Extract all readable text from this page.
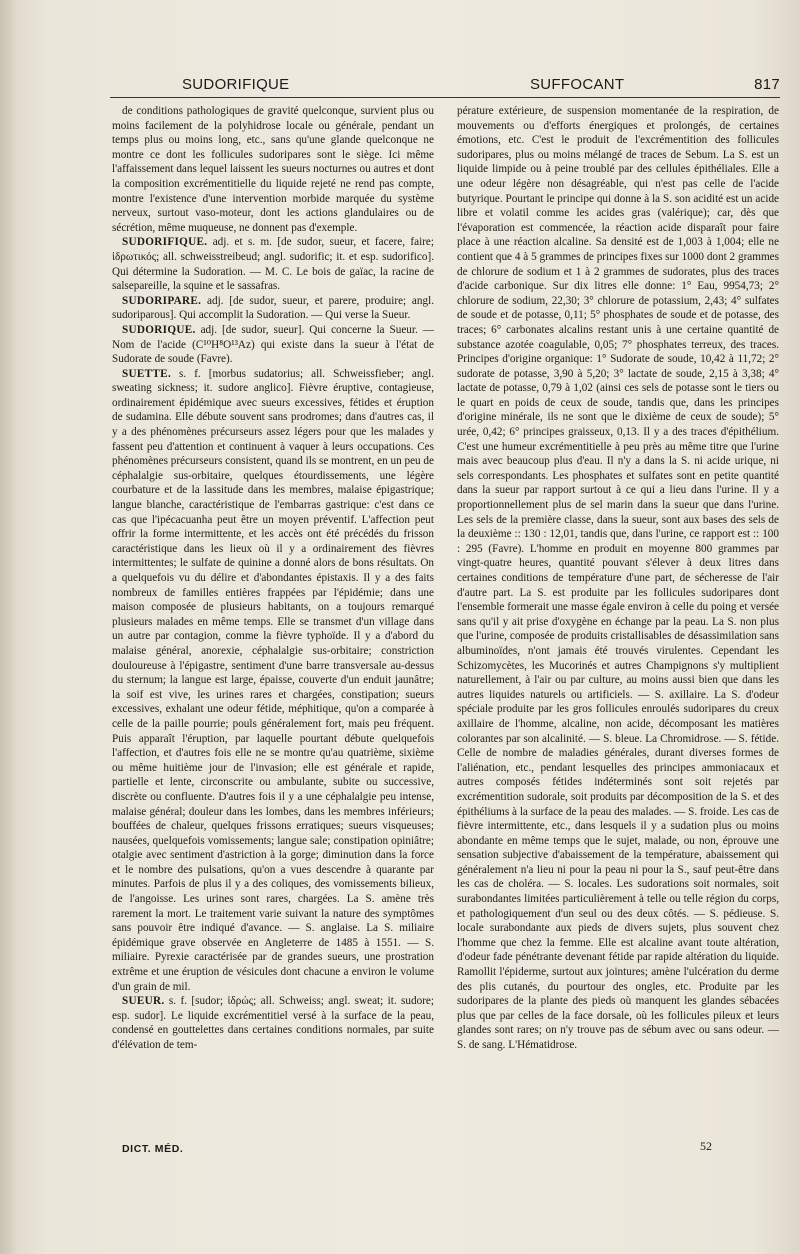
SUDORIFIQUE	SUFFOCANT	817

de conditions pathologiques de gravité quelconque, survient plus ou moins facilement de la polyhidrose locale ou générale, pendant un temps plus ou moins long, etc., sans qu'une glande quelconque ne montre ce dont les follicules sudoripares sont le siège. Ici même l'affaissement dans lequel laissent les sueurs nocturnes ou autres et dont la composition excrémentitielle du liquide rejeté ne rend pas compte, montre l'existence d'une intervention morbide marquée du système nerveux, surtout vaso-moteur, dont les actions glandulaires ou de sécrétion, même muqueuse, ne donnent pas d'exemple.

SUDORIFIQUE. adj. et s. m. [de sudor, sueur, et facere, faire; ἱδρωτικός; all. schweisstreibeud; angl. sudorific; it. et esp. sudorifico]. Qui détermine la Sudoration. — M. C. Le bois de gaïac, la racine de salsepareille, la squine et le sassafras.

SUDORIPARE. adj. [de sudor, sueur, et parere, produire; angl. sudoriparous]. Qui accomplit la Sudoration. — Qui verse la Sueur.

SUDORIQUE. adj. [de sudor, sueur]. Qui concerne la Sueur. — Nom de l'acide (C¹⁰H⁸O¹³Az) qui existe dans la sueur à l'état de Sudorate de soude (Favre).

SUETTE. s. f. [morbus sudatorius; all. Schweissfieber; angl. sweating sickness; it. sudore anglico]. Fièvre éruptive, contagieuse, ordinairement épidémique avec sueurs excessives, fétides et éruption de sudamina. Elle débute souvent sans prodromes; dans d'autres cas, il y a des phénomènes précurseurs assez légers pour que les malades y fassent peu d'attention et continuent à vaquer à leurs occupations. Ces phénomènes précurseurs consistent, quand ils se montrent, en un peu de céphalalgie sus-orbitaire, quelques étourdissements, une légère courbature et de la lassitude dans les membres, malaise épigastrique; langue blanche, caractéristique de l'embarras gastrique: c'est dans ce cas que l'ipécacuanha peut être un moyen préventif. L'affection peut offrir la forme intermittente, et les accès ont été précédés du frisson caractéristique dans les lieux où il y a ordinairement des fièvres intermittentes; le sulfate de quinine a donné alors de bons résultats. On a quelquefois vu du délire et d'abondantes épistaxis. Il y a des faits nombreux de familles entières frappées par l'épidémie; dans une maison composée de plusieurs habitants, on a toujours remarqué plusieurs malades en même temps. Elle se transmet d'un village dans un autre par contagion, comme la fièvre typhoïde. Il y a d'abord du malaise général, anorexie, céphalalgie sus-orbitaire; constriction douloureuse à l'épigastre, sentiment d'une barre transversale au-dessus du sternum; la langue est large, épaisse, couverte d'un enduit jaunâtre; la soif est vive, les urines rares et chargées, constipation; sueurs excessives, exhalant une odeur fétide, méphitique, qu'on a comparée à celle de la paille pourrie; pouls généralement fort, mais peu fréquent. Puis apparaît l'éruption, par laquelle pourtant débute quelquefois l'affection, et d'autres fois elle ne se montre qu'au quatrième, sixième ou même huitième jour de l'invasion; elle est générale et rapide, partielle et lente, circonscrite ou ambulante, subite ou successive, discrète ou confluente. D'autres fois il y a une céphalalgie peu intense, malaise général; douleur dans les lombes, dans les membres inférieurs; bouffées de chaleur, quelques frissons erratiques; sueurs visqueuses; nausées, quelquefois vomissements; langue sale; constipation opiniâtre; otalgie avec sentiment d'astriction à la gorge; diminution dans la force et le nombre des pulsations, qu'on a vues descendre à quarante par minutes. Parfois de plus il y a des coliques, des vomissements bilieux, de l'angoisse. Les urines sont rares, chargées. La S. amène très rarement la mort. Le traitement varie suivant la nature des symptômes sans pouvoir être indiqué d'avance. — S. anglaise. La S. miliaire épidémique grave observée en Angleterre de 1485 à 1551. — S. miliaire. Pyrexie caractérisée par de grandes sueurs, une prostration extrême et une éruption de vésicules dont chacune a environ le volume d'un grain de mil.

SUEUR. s. f. [sudor; ἱδρώς; all. Schweiss; angl. sweat; it. sudore; esp. sudor]. Le liquide excrémentitiel versé à la surface de la peau, condensé en gouttelettes dans certaines conditions normales, par suite d'élévation de tem-

pérature extérieure, de suspension momentanée de la respiration, de mouvements ou d'efforts énergiques et prolongés, de certaines émotions, etc. C'est le produit de l'excrémentition des follicules sudoripares, plus ou moins mélangé de traces de Sebum. La S. est un liquide limpide ou à peine troublé par des cellules épithéliales. Elle a une odeur légère non désagréable, qui n'est pas celle de l'acide butyrique. Pourtant le principe qui donne à la S. son acidité est un acide libre et volatil comme les acides gras (valérique); car, dès que l'évaporation est commencée, la réaction acide disparaît pour faire place à une réaction alcaline. Sa densité est de 1,003 à 1,004; elle ne contient que 4 à 5 grammes de principes fixes sur 1000 dont 2 grammes de chlorure de sodium et 1 à 2 grammes de sudorates, plus des traces d'acide carbonique. Sur dix litres elle donne: 1° Eau, 9954,73; 2° chlorure de sodium, 22,30; 3° chlorure de potassium, 2,43; 4° sulfates de soude et de potasse, 0,11; 5° phosphates de soude et de potasse, des traces; 6° carbonates alcalins restant unis à une certaine quantité de substance azotée coagulable, 0,05; 7° phosphates terreux, des traces. Principes d'origine organique: 1° Sudorate de soude, 10,42 à 11,72; 2° sudorate de potasse, 3,90 à 5,20; 3° lactate de soude, 2,15 à 3,38; 4° lactate de potasse, 0,79 à 1,02 (ainsi ces sels de potasse sont le tiers ou le quart en poids de ceux de soude, tandis que, dans les principes d'origine minérale, ils ne sont que le dixième de ceux de soude); 5° urée, 0,42; 6° principes graisseux, 0,13. Il y a des traces d'épithélium. C'est une humeur excrémentitielle à peu près au même titre que l'urine mais avec beaucoup plus d'eau. Il n'y a dans la S. ni acide urique, ni sels correspondants. Les phosphates et sulfates sont en petite quantité dans la sueur par rapport surtout à ce qui a lieu dans l'urine. Il y a proportionnellement plus de sel marin dans la sueur que dans l'urine. Les sels de la première classe, dans la sueur, sont aux bases des sels de la deuxième :: 130 : 12,01, tandis que, dans l'urine, ce rapport est :: 100 : 295 (Favre). L'homme en produit en moyenne 800 grammes par vingt-quatre heures, quantité pouvant s'élever à deux litres dans certaines conditions de température d'une part, de sécheresse de l'air d'autre part. La S. est produite par les follicules sudoripares dont l'ensemble formerait une masse égale environ à celle du poing et versée sans qu'il y ait prise d'oxygène en échange par la peau. La S. non plus que l'urine, composée de produits cristallisables de désassimilation sans albuminoïdes, n'ont jamais été trouvés virulentes. Cependant les Schizomycètes, les Mucorinés et autres Champignons s'y multiplient naturellement, à l'air ou par culture, au moins aussi bien que dans les autres liquides naturels ou artificiels. — S. axillaire. La S. d'odeur spéciale produite par les gros follicules enroulés sudoripares du creux axillaire de l'homme, alcaline, non acide, décomposant les matières colorantes par son alcalinité. — S. bleue. La Chromidrose. — S. fétide. Celle de nombre de maladies générales, durant diverses formes de l'aliénation, etc., pendant lesquelles des principes ammoniacaux et autres composés fétides indéterminés sont soit rejetés par excrémentition sudorale, soit produits par décomposition de la S. et des épithéliums à la surface de la peau des malades. — S. froide. Les cas de fièvre intermittente, etc., dans lesquels il y a sudation plus ou moins abondante en même temps que le sujet, malade, ou non, éprouve une sensation subjective d'abaissement de la température, abaissement qui généralement n'a lieu ni pour la peau ni pour la S., sauf peut-être dans les cas de choléra. — S. locales. Les sudorations soit normales, soit surabondantes limitées particulièrement à telle ou telle région du corps, et pathologiquement d'un seul ou des deux côtés. — S. pédieuse. S. locale surabondante aux pieds de divers sujets, plus souvent chez l'homme que chez la femme. Elle est alcaline avant toute altération, d'odeur fade pénétrante devenant fétide par rapide altération du liquide. Ramollit l'épiderme, surtout aux jointures; amène l'ulcération du derme des plis cutanés, du pourtour des ongles, etc. Produite par les sudoripares de la plante des pieds où manquent les glandes sébacées plus que par celles de la face dorsale, où les follicules pileux et leurs glandes sont rares; on n'y trouve pas de sébum avec ou sans odeur. — S. de sang. L'Hématidrose.

DICT. MÉD.	52
